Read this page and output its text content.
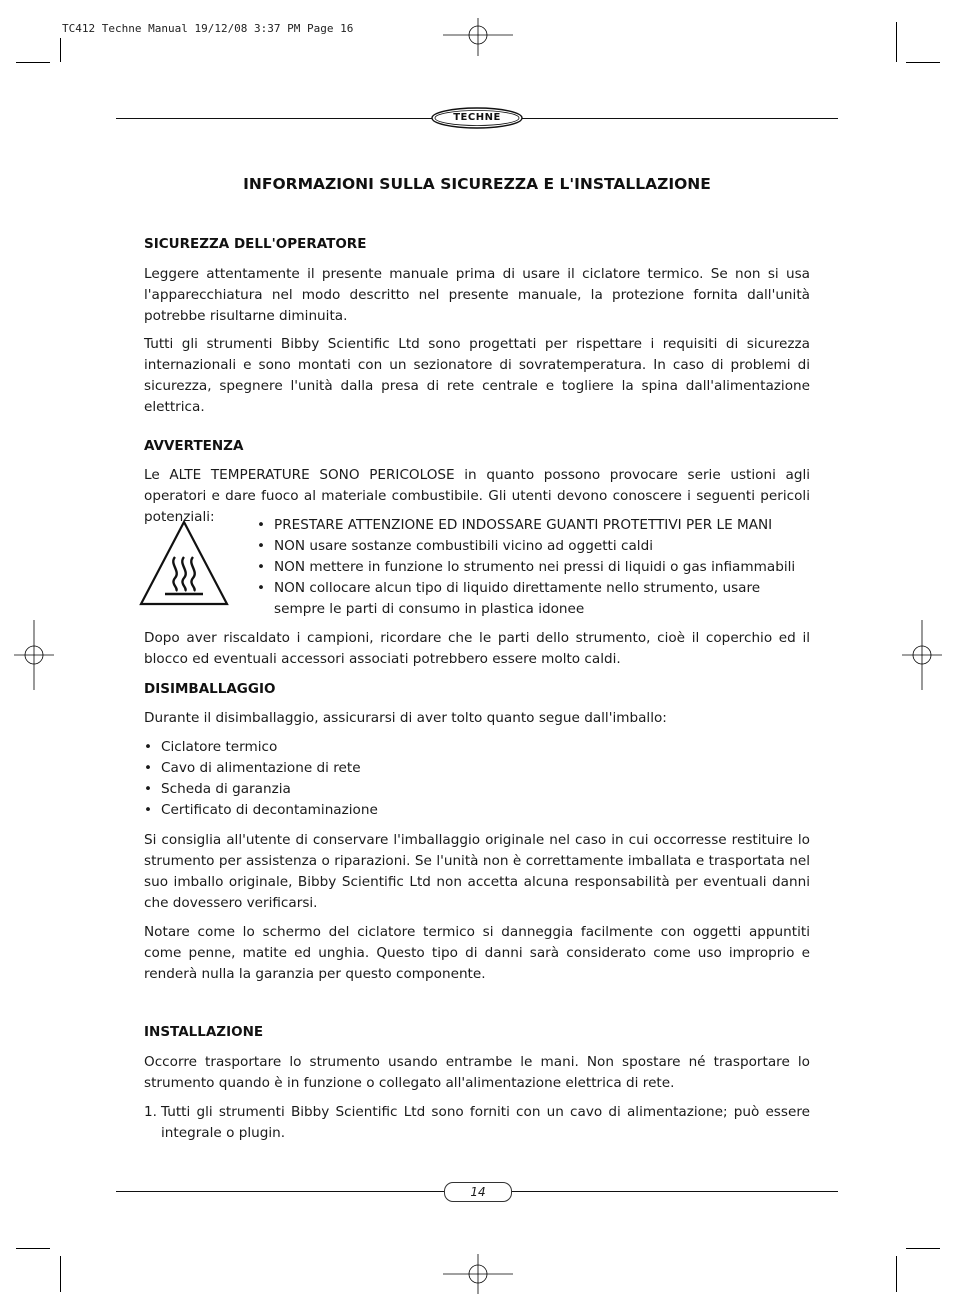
TC412 Techne Manual 19/12/08 3:37 PM Page 16
TECHNE
INFORMAZIONI SULLA SICUREZZA E L'INSTALLAZIONE
SICUREZZA DELL'OPERATORE
Leggere attentamente il presente manuale prima di usare il ciclatore termico. Se non si usa l'apparecchiatura nel modo descritto nel presente manuale, la protezione fornita dall'unità potrebbe risultarne diminuita.
Tutti gli strumenti Bibby Scientific Ltd sono progettati per rispettare i requisiti di sicurezza internazionali e sono montati con un sezionatore di sovratemperatura. In caso di problemi di sicurezza, spegnere l'unità dalla presa di rete centrale e togliere la spina dall'alimentazione elettrica.
AVVERTENZA
Le ALTE TEMPERATURE SONO PERICOLOSE in quanto possono provocare serie ustioni agli operatori e dare fuoco al materiale combustibile. Gli utenti devono conoscere i seguenti pericoli potenziali:
•	PRESTARE ATTENZIONE ED INDOSSARE GUANTI PROTETTIVI PER LE MANI
• NON usare sostanze combustibili vicino ad oggetti caldi
• NON mettere in funzione lo strumento nei pressi di liquidi o gas infiammabili
• NON collocare alcun tipo di liquido direttamente nello strumento, usare sempre le parti di consumo in plastica idonee
Dopo aver riscaldato i campioni, ricordare che le parti dello strumento, cioè il coperchio ed il blocco ed eventuali accessori associati potrebbero essere molto caldi.
DISIMBALLAGGIO
Durante il disimballaggio, assicurarsi di aver tolto quanto segue dall'imballo:
• Ciclatore termico
• Cavo di alimentazione di rete
• Scheda di garanzia
• Certificato di decontaminazione
Si consiglia all'utente di conservare l'imballaggio originale nel caso in cui occorresse restituire lo strumento per assistenza o riparazioni. Se l'unità non è correttamente imballata e trasportata nel suo imballo originale, Bibby Scientific Ltd non accetta alcuna responsabilità per eventuali danni che dovessero verificarsi.
Notare come lo schermo del ciclatore termico si danneggia facilmente con oggetti appuntiti come penne, matite ed unghia. Questo tipo di danni sarà considerato come uso improprio e renderà nulla la garanzia per questo componente.
INSTALLAZIONE
Occorre trasportare lo strumento usando entrambe le mani. Non spostare né trasportare lo strumento quando è in funzione o collegato all'alimentazione elettrica di rete.
1. Tutti gli strumenti Bibby Scientific Ltd sono forniti con un cavo di alimentazione; può essere integrale o plugin.
14
